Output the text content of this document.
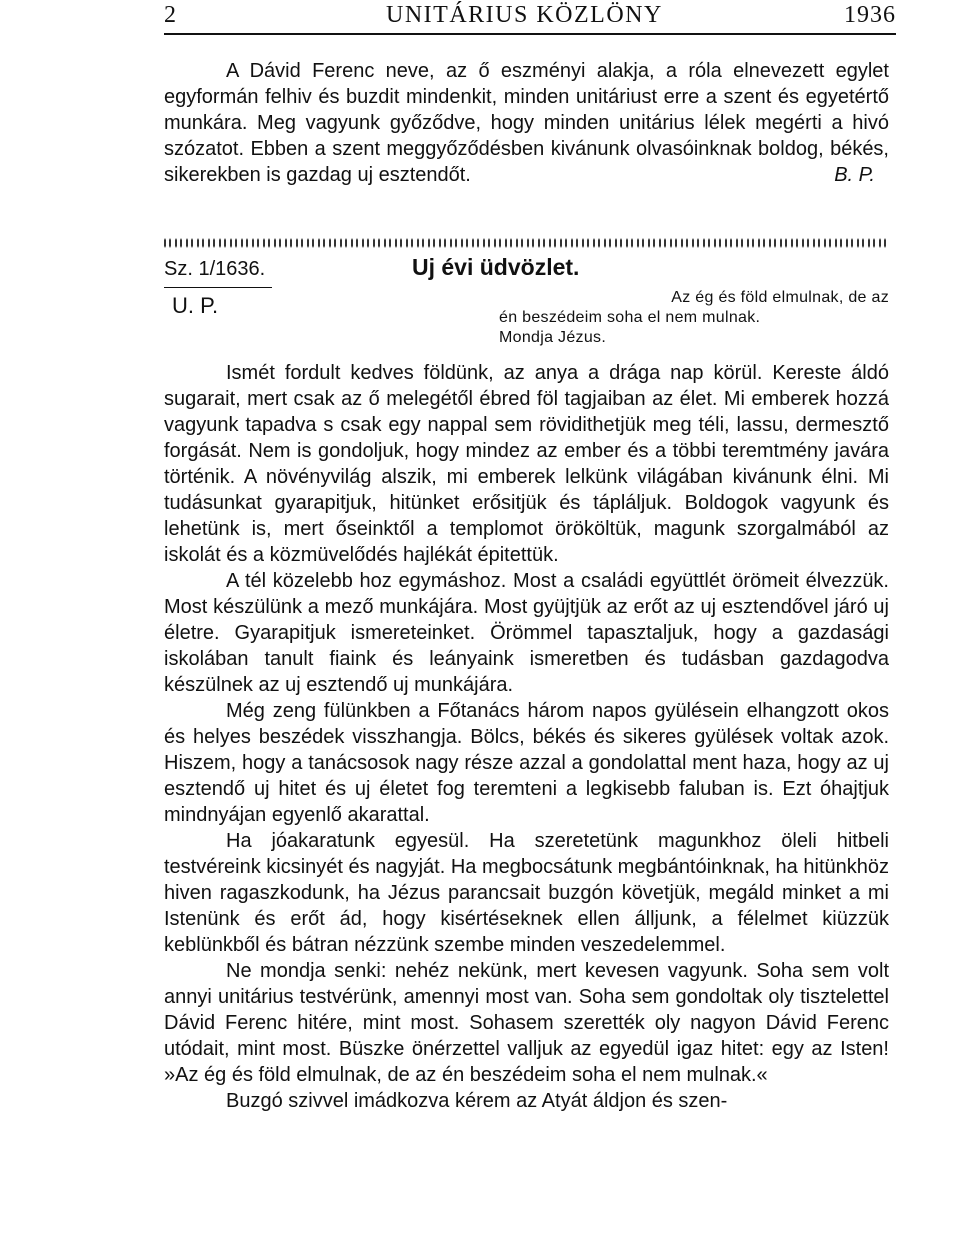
2	UNITÁRIUS KÖZLÖNY	1936
A Dávid Ferenc neve, az ő eszményi alakja, a róla elnevezett egylet egyformán felhiv és buzdit mindenkit, minden unitáriust erre a szent és egyetértő munkára. Meg vagyunk győződve, hogy minden unitárius lélek megérti a hivó szózatot. Ebben a szent meggyőződésben kivánunk olvasóinknak boldog, békés, sikerekben is gazdag uj esztendőt.	B. P.
Sz. 1/1636.
U. P.
Uj évi üdvözlet.
Az ég és föld elmulnak, de az
én beszédeim soha el nem mulnak.
Mondja Jézus.

Ismét fordult kedves földünk, az anya a drága nap körül. Kereste áldó sugarait, mert csak az ő melegétől ébred föl tagjaiban az élet. Mi emberek hozzá vagyunk tapadva s csak egy nappal sem rövidithetjük meg téli, lassu, dermesztő forgását. Nem is gondoljuk, hogy mindez az ember és a többi teremtmény javára történik. A növényvilág alszik, mi emberek lelkünk világában kivánunk élni. Mi tudásunkat gyarapitjuk, hitünket erősitjük és tápláljuk. Boldogok vagyunk és lehetünk is, mert őseinktől a templomot örököltük, magunk szorgalmából az iskolát és a közmüvelődés hajlékát épitettük.

A tél közelebb hoz egymáshoz. Most a családi együttlét örömeit élvezzük. Most készülünk a mező munkájára. Most gyüjtjük az erőt az uj esztendővel járó uj életre. Gyarapitjuk ismereteinket. Örömmel tapasztaljuk, hogy a gazdasági iskolában tanult fiaink és leányaink ismeretben és tudásban gazdagodva készülnek az uj esztendő uj munkájára.

Még zeng fülünkben a Főtanács három napos gyülésein elhangzott okos és helyes beszédek visszhangja. Bölcs, békés és sikeres gyülések voltak azok. Hiszem, hogy a tanácsosok nagy része azzal a gondolattal ment haza, hogy az uj esztendő uj hitet és uj életet fog teremteni a legkisebb faluban is. Ezt óhajtjuk mindnyájan egyenlő akarattal.

Ha jóakaratunk egyesül. Ha szeretetünk magunkhoz öleli hitbeli testvéreink kicsinyét és nagyját. Ha megbocsátunk megbántóinknak, ha hitünkhöz hiven ragaszkodunk, ha Jézus parancsait buzgón követjük, megáld minket a mi Istenünk és erőt ád, hogy kisértéseknek ellen álljunk, a félelmet kiüzzük keblünkből és bátran nézzünk szembe minden veszedelemmel.

Ne mondja senki: nehéz nekünk, mert kevesen vagyunk. Soha sem volt annyi unitárius testvérünk, amennyi most van. Soha sem gondoltak oly tisztelettel Dávid Ferenc hitére, mint most. Sohasem szerették oly nagyon Dávid Ferenc utódait, mint most. Büszke önérzettel valljuk az egyedül igaz hitet: egy az Isten! »Az ég és föld elmulnak, de az én beszédeim soha el nem mulnak.«

Buzgó szivvel imádkozva kérem az Atyát áldjon és szen-
